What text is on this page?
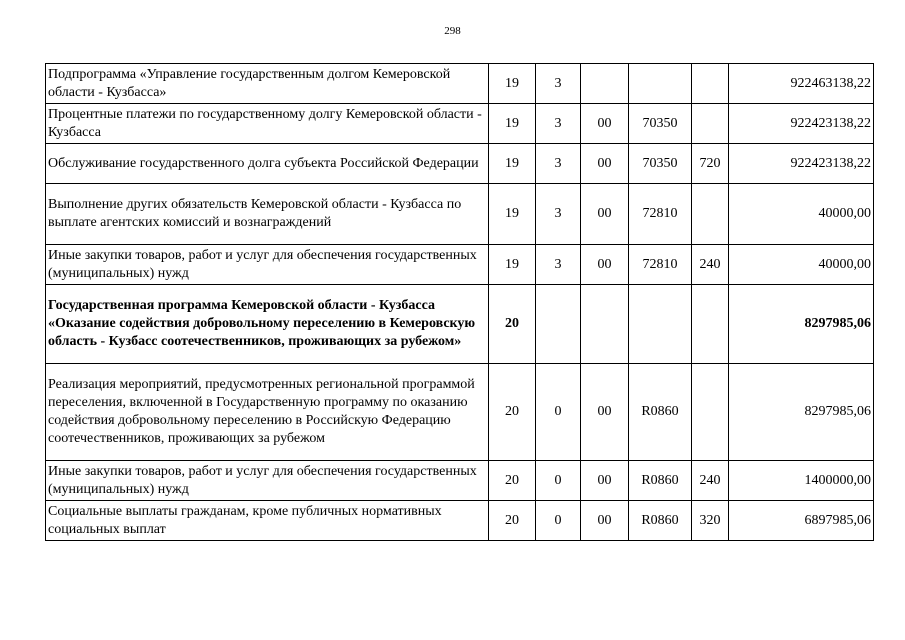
298
Подпрограмма «Управление государственным долгом Кемеровской области - Кузбасса»	19	3				922463138,22
Процентные платежи по государственному долгу Кемеровской области - Кузбасса	19	3	00	70350		922423138,22
Обслуживание государственного долга субъекта Российской Федерации	19	3	00	70350	720	922423138,22
Выполнение других обязательств Кемеровской области - Кузбасса по выплате агентских комиссий и вознаграждений	19	3	00	72810		40000,00
Иные закупки товаров, работ и услуг для обеспечения государственных (муниципальных) нужд	19	3	00	72810	240	40000,00
Государственная программа Кемеровской области - Кузбасса «Оказание содействия добровольному переселению в Кемеровскую область - Кузбасс соотечественников, проживающих за рубежом»	20					8297985,06
Реализация мероприятий, предусмотренных региональной программой переселения, включенной в Государственную программу по оказанию содействия добровольному переселению в Российскую Федерацию соотечественников, проживающих за рубежом	20	0	00	R0860		8297985,06
Иные закупки товаров, работ и услуг для обеспечения государственных (муниципальных) нужд	20	0	00	R0860	240	1400000,00
Социальные выплаты гражданам, кроме публичных нормативных социальных выплат	20	0	00	R0860	320	6897985,06
